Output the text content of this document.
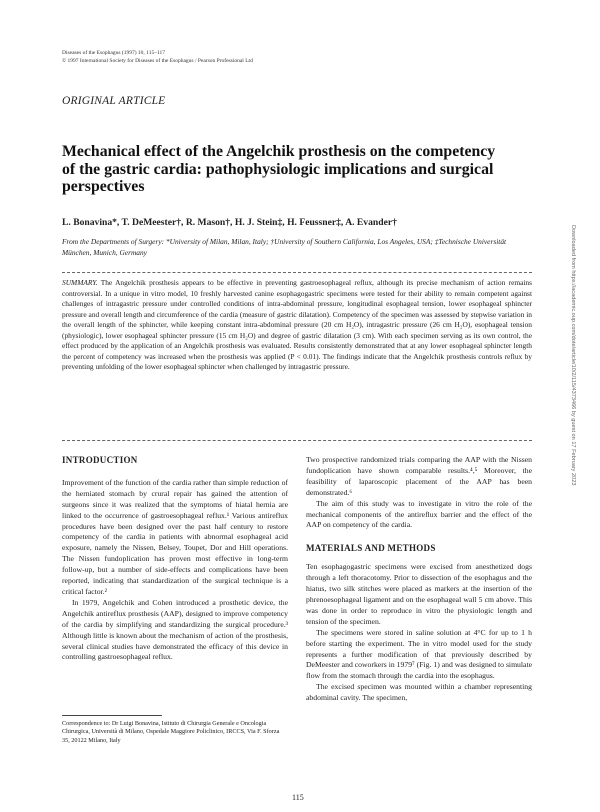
Diseases of the Esophagus (1997) 10, 115–117
© 1997 International Society for Diseases of the Esophagus / Pearson Professional Ltd
ORIGINAL ARTICLE
Mechanical effect of the Angelchik prosthesis on the competency of the gastric cardia: pathophysiologic implications and surgical perspectives
L. Bonavina*, T. DeMeester†, R. Mason†, H. J. Stein‡, H. Feussner‡, A. Evander†
From the Departments of Surgery: *University of Milan, Milan, Italy; †University of Southern California, Los Angeles, USA; ‡Technische Universität München, Munich, Germany
SUMMARY. The Angelchik prosthesis appears to be effective in preventing gastroesophageal reflux, although its precise mechanism of action remains controversial. In a unique in vitro model, 10 freshly harvested canine esophagogastric specimens were tested for their ability to remain competent against challenges of intragastric pressure under controlled conditions of intra-abdominal pressure, longitudinal esophageal tension, lower esophageal sphincter pressure and overall length and circumference of the cardia (measure of gastric dilatation). Competency of the specimen was assessed by stepwise variation in the overall length of the sphincter, while keeping constant intra-abdominal pressure (20 cm H₂O), intragastric pressure (26 cm H₂O), esophageal tension (physiologic), lower esophageal sphincter pressure (15 cm H₂O) and degree of gastric dilatation (3 cm). With each specimen serving as its own control, the effect produced by the application of an Angelchik prosthesis was evaluated. Results consistently demonstrated that at any lower esophageal sphincter length the percent of competency was increased when the prosthesis was applied (P < 0.01). The findings indicate that the Angelchik prosthesis controls reflux by preventing unfolding of the lower esophageal sphincter when challenged by intragastric pressure.
INTRODUCTION

Improvement of the function of the cardia rather than simple reduction of the herniated stomach by crural repair has gained the attention of surgeons since it was realized that the symptoms of hiatal hernia are linked to the occurrence of gastroesophageal reflux.¹ Various antireflux procedures have been designed over the past half century to restore competency of the cardia in patients with abnormal esophageal acid exposure, namely the Nissen, Belsey, Toupet, Dor and Hill operations. The Nissen fundoplication has proven most effective in long-term follow-up, but a number of side-effects and complications have been reported, indicating that standardization of the surgical technique is a critical factor.²

In 1979, Angelchik and Cohen introduced a prosthetic device, the Angelchik antireflux prosthesis (AAP), designed to improve competency of the cardia by simplifying and standardizing the surgical procedure.³ Although little is known about the mechanism of action of the prosthesis, several clinical studies have demonstrated the efficacy of this device in controlling gastroesophageal reflux.

Correspondence to: Dr Luigi Bonavina, Istituto di Chirurgia Generale e Oncologia Chirurgica, Università di Milano, Ospedale Maggiore Policlinico, IRCCS, Via F. Sforza 35, 20122 Milano, Italy

Two prospective randomized trials comparing the AAP with the Nissen fundoplication have shown comparable results.⁴,⁵ Moreover, the feasibility of laparoscopic placement of the AAP has been demonstrated.⁶

The aim of this study was to investigate in vitro the role of the mechanical components of the antireflux barrier and the effect of the AAP on competency of the cardia.

MATERIALS AND METHODS

Ten esophagogastric specimens were excised from anesthetized dogs through a left thoracotomy. Prior to dissection of the esophagus and the hiatus, two silk stitches were placed as markers at the insertion of the phrenoesophageal ligament and on the esophageal wall 5 cm above. This was done in order to reproduce in vitro the physiologic length and tension of the specimen.

The specimens were stored in saline solution at 4°C for up to 1 h before starting the experiment. The in vitro model used for the study represents a further modification of that previously described by DeMeester and coworkers in 1979⁷ (Fig. 1) and was designed to simulate flow from the stomach through the cardia into the esophagus.

The excised specimen was mounted within a chamber representing abdominal cavity. The specimen,

115
Downloaded from https://academic.oup.com/dote/article/10/2/115/4373466 by guest on 17 February 2023
